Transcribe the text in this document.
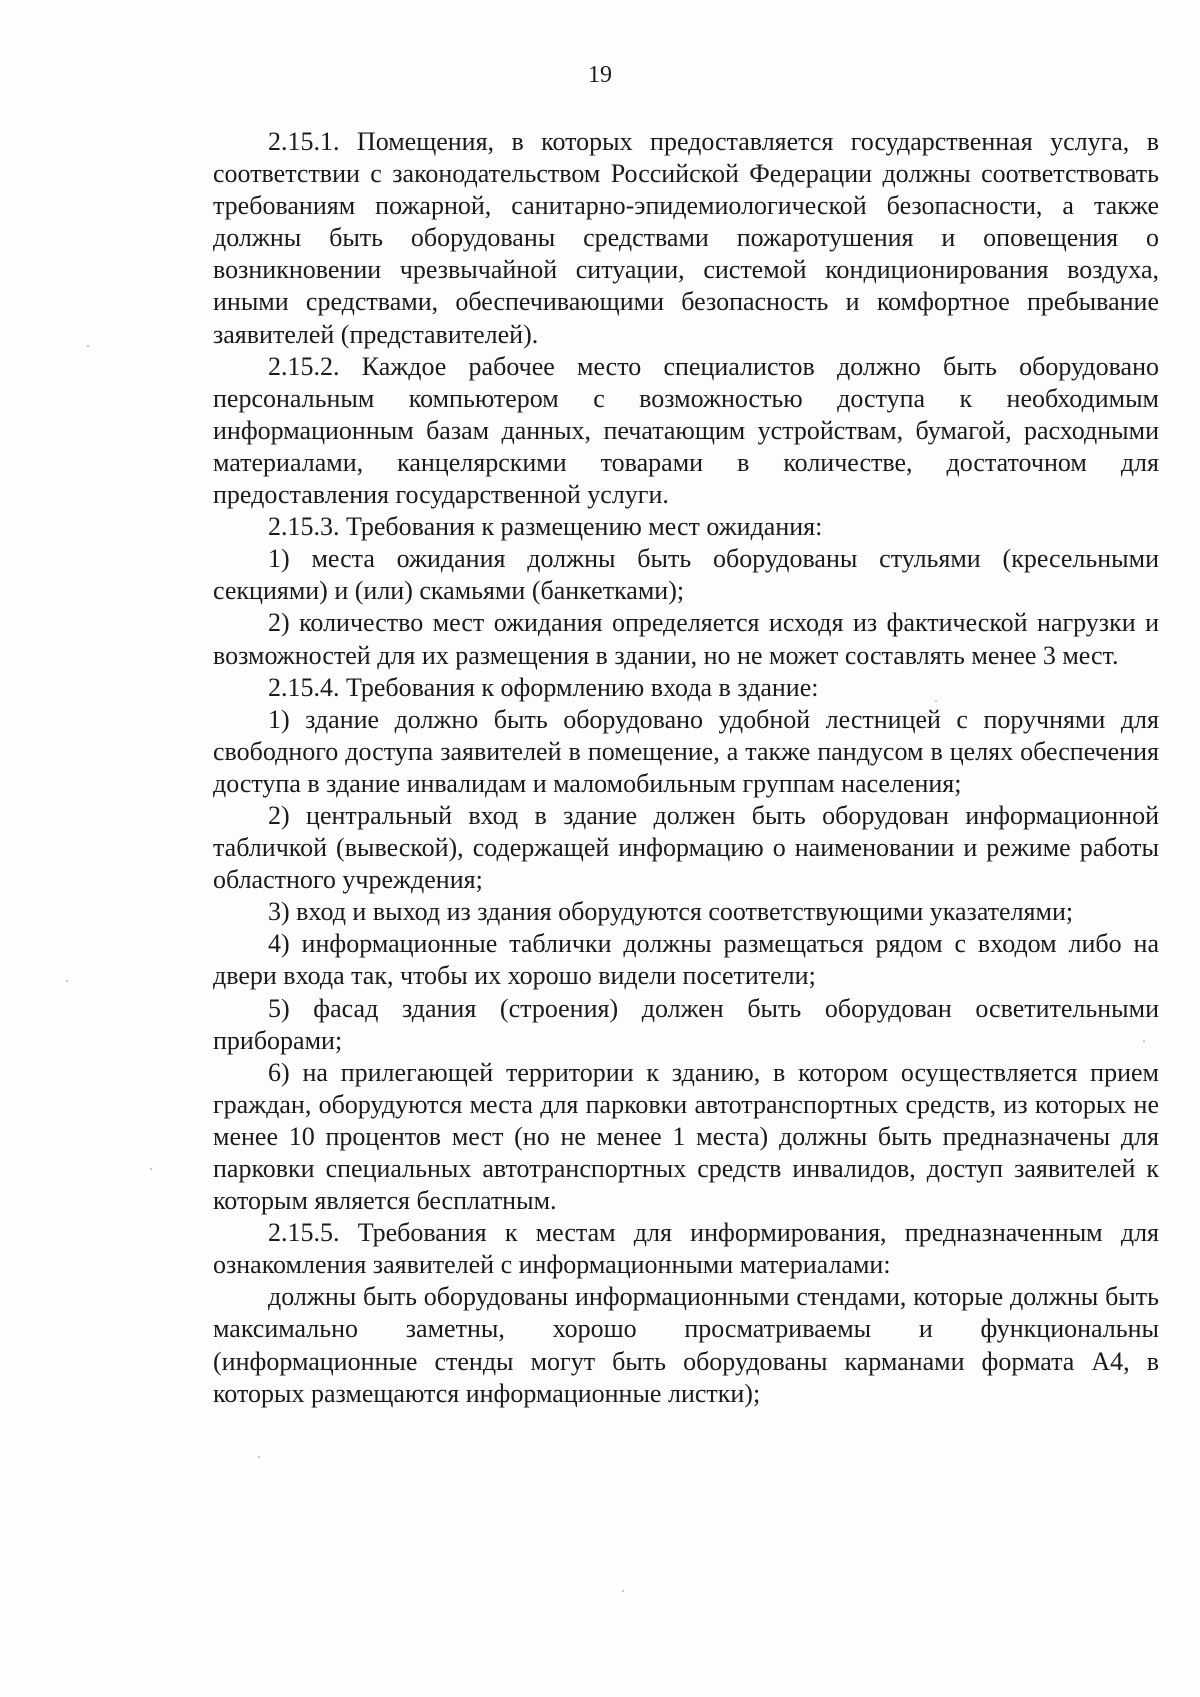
19

2.15.1. Помещения, в которых предоставляется государственная услуга, в соответствии с законодательством Российской Федерации должны соответствовать требованиям пожарной, санитарно-эпидемиологической безопасности, а также должны быть оборудованы средствами пожаротушения и оповещения о возникновении чрезвычайной ситуации, системой кондиционирования воздуха, иными средствами, обеспечивающими безопасность и комфортное пребывание заявителей (представителей).

2.15.2. Каждое рабочее место специалистов должно быть оборудовано персональным компьютером с возможностью доступа к необходимым информационным базам данных, печатающим устройствам, бумагой, расходными материалами, канцелярскими товарами в количестве, достаточном для предоставления государственной услуги.

2.15.3. Требования к размещению мест ожидания:

1) места ожидания должны быть оборудованы стульями (кресельными секциями) и (или) скамьями (банкетками);

2) количество мест ожидания определяется исходя из фактической нагрузки и возможностей для их размещения в здании, но не может составлять менее 3 мест.

2.15.4. Требования к оформлению входа в здание:

1) здание должно быть оборудовано удобной лестницей с поручнями для свободного доступа заявителей в помещение, а также пандусом в целях обеспечения доступа в здание инвалидам и маломобильным группам населения;

2) центральный вход в здание должен быть оборудован информационной табличкой (вывеской), содержащей информацию о наименовании и режиме работы областного учреждения;

3) вход и выход из здания оборудуются соответствующими указателями;

4) информационные таблички должны размещаться рядом с входом либо на двери входа так, чтобы их хорошо видели посетители;

5) фасад здания (строения) должен быть оборудован осветительными приборами;

6) на прилегающей территории к зданию, в котором осуществляется прием граждан, оборудуются места для парковки автотранспортных средств, из которых не менее 10 процентов мест (но не менее 1 места) должны быть предназначены для парковки специальных автотранспортных средств инвалидов, доступ заявителей к которым является бесплатным.

2.15.5. Требования к местам для информирования, предназначенным для ознакомления заявителей с информационными материалами:

должны быть оборудованы информационными стендами, которые должны быть максимально заметны, хорошо просматриваемы и функциональны (информационные стенды могут быть оборудованы карманами формата А4, в которых размещаются информационные листки);
